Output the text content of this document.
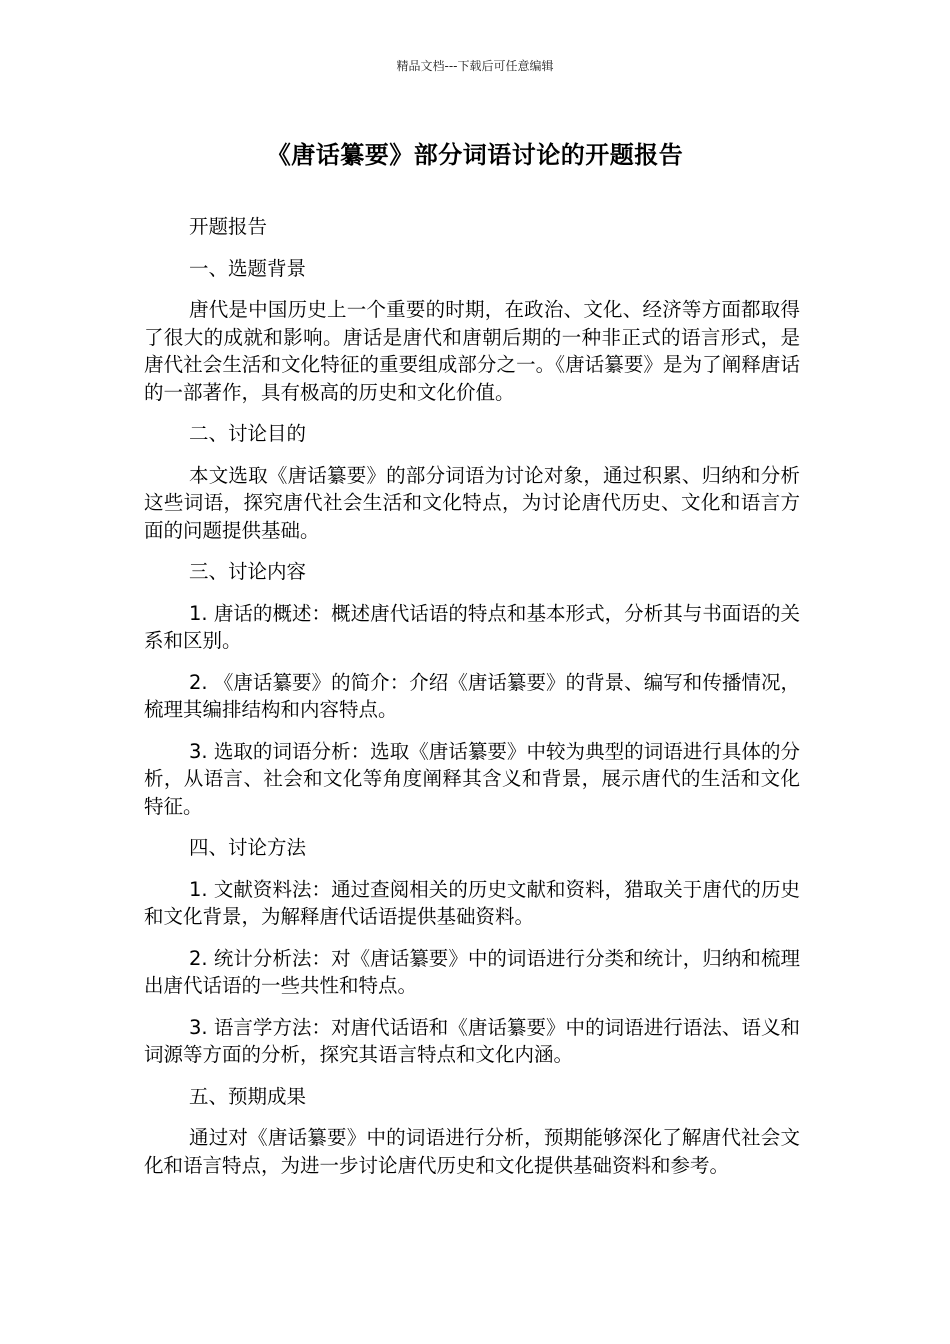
精品文档---下载后可任意编辑
《唐话纂要》部分词语讨论的开题报告

开题报告

一、选题背景

唐代是中国历史上一个重要的时期，在政治、文化、经济等方面都取得了很大的成就和影响。唐话是唐代和唐朝后期的一种非正式的语言形式，是唐代社会生活和文化特征的重要组成部分之一。《唐话纂要》是为了阐释唐话的一部著作，具有极高的历史和文化价值。

二、讨论目的

本文选取《唐话纂要》的部分词语为讨论对象，通过积累、归纳和分析这些词语，探究唐代社会生活和文化特点，为讨论唐代历史、文化和语言方面的问题提供基础。

三、讨论内容

1. 唐话的概述：概述唐代话语的特点和基本形式，分析其与书面语的关系和区别。

2. 《唐话纂要》的简介：介绍《唐话纂要》的背景、编写和传播情况，梳理其编排结构和内容特点。

3. 选取的词语分析：选取《唐话纂要》中较为典型的词语进行具体的分析，从语言、社会和文化等角度阐释其含义和背景，展示唐代的生活和文化特征。

四、讨论方法

1. 文献资料法：通过查阅相关的历史文献和资料，猎取关于唐代的历史和文化背景，为解释唐代话语提供基础资料。

2. 统计分析法：对《唐话纂要》中的词语进行分类和统计，归纳和梳理出唐代话语的一些共性和特点。

3. 语言学方法：对唐代话语和《唐话纂要》中的词语进行语法、语义和词源等方面的分析，探究其语言特点和文化内涵。

五、预期成果

通过对《唐话纂要》中的词语进行分析，预期能够深化了解唐代社会文化和语言特点，为进一步讨论唐代历史和文化提供基础资料和参考。
